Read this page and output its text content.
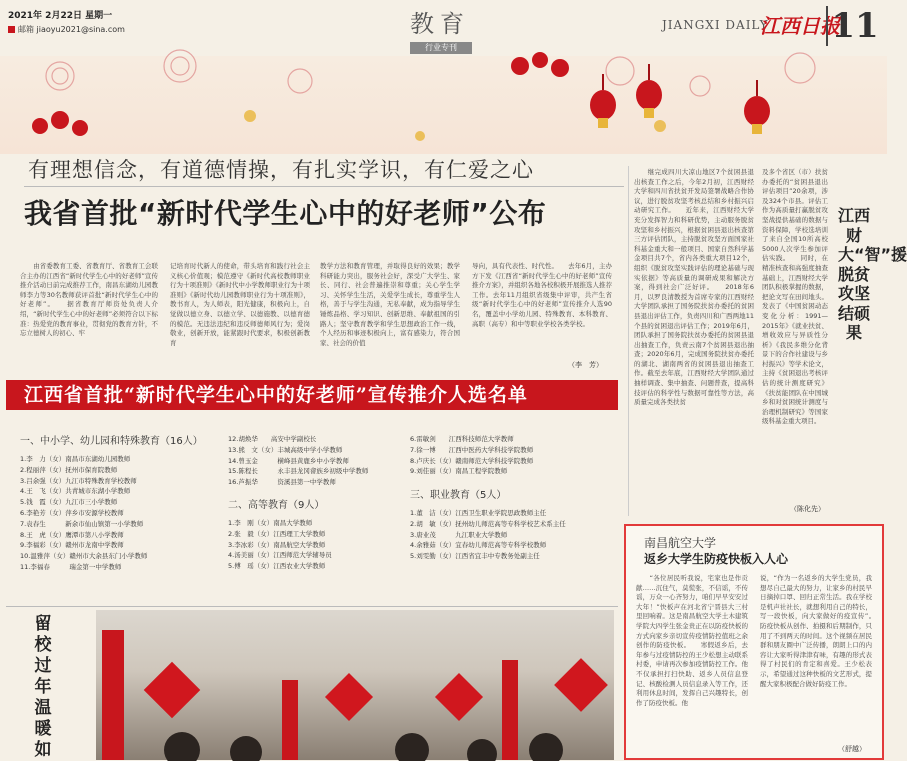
2021年 2月22日 星期一
邮箱 jiaoyu2021@sina.com	教育
行业专刊
JIANGXI DAILY
江西日报
11
有理想信念，有道德情操，有扎实学识，有仁爱之心
我省首批“新时代学生心中的好老师”公布
　　由省委教育工委、省教育厅、省教育工会联合主办的江西省“新时代学生心中的好老师”宣传推介活动日前完成推荐工作，南昌东湖幼儿园教师李力等30名教师获评首批“新时代学生心中的好老师”。　　据省教育厅师资处负责人介绍，“新时代学生心中的好老师”必须符合以下标准：热爱党的教育事业，贯彻党的教育方针，不忘立德树人的初心、牢
记培育时代新人的使命，带头培育和践行社会主义核心价值观；模范遵守《新时代高校教师职业行为十项准则》《新时代中小学教师职业行为十项准则》《新时代幼儿园教师职业行为十项准则》，教书育人，为人师表，阳光健康，积极向上，自觉做以德立身、以德立学、以德施教、以德育德的模范。无违法违纪和违反师德师风行为；爱岗敬业，创新开放，能紧跟时代要求，积极创新教育
教学方法和教育管理，并取得良好的效果；教学科研能力突出，服务社会好，深受广大学生、家长、同行、社会普遍推崇和尊重；关心学生学习、关怀学生生活，关爱学生成长，尊重学生人格，善于与学生沟通，无私奉献，成为指导学生锤炼品格、学习知识、创新思维、奉献祖国的引路人；坚守教育教学和学生思想政治工作一线，个人经历和事迹积极向上，富有感染力，符合国家、社会的价值
导向，具有代表性、时代性。　　去年6月，主办方下发《江西省“新时代学生心中的好老师”宣传推介方案》，并组织各地各校积极开展推选人推荐工作。去年11月组织省级集中评审，共产生省级“新时代学生心中的好老师”宣传推介人选90名，覆盖中小学幼儿园、特殊教育、本科教育、高职（高专）和中等职业学校各类学校。
（李　芳）
江西省首批“新时代学生心中的好老师”宣传推介人选名单
一、中小学、幼儿园和特殊教育（16人）
1.李　力（女）南昌市东湖幼儿园教师
2.程丽萍（女）抚州市保育院教师
3.吕余强（女）九江市特殊教育学校教师
4.王　飞（女）共青城市东湖小学教师
5.钱　霞（女）九江市三小学教师
6.李艳芳（女）萍乡市安源学校教师
7.袁春生　　　新余市仙山镇第一小学教师
8.王　虎（女）鹰潭市第八小学教师
9.李福彩（女）赣州市龙南中学教师
10.温雅萍（女）赣州市大余县东门小学教师
11.李福春　　　瑞金第一中学教师
12.胡焕华　　高安中学副校长
13.熊　文（女）丰城高级中学小学教师
14.曾玉金　　　横峰县黄鹿乡中小学教师
15.陈程长　　　永丰县龙冈畲族乡初级中学教师
16.芦振华　　　资溪县第一中学教师
二、高等教育（9人）
1.李　刚（女）南昌大学教师
2.张　毅（女）江西理工大学教师
3.李冰彩（女）南昌航空大学教师
4.汤美丽（女）江西师范大学辅导员
5.傅　瑶（女）江西农业大学教师
6.雷敏剑　　江西科技师范大学教师
7.徐一博　　江西中医药大学科技学院教师
8.卢庆长（女）赣南师范大学科技学院教师
9.刘佳丽（女）南昌工程学院教师
三、职业教育（5人）
1.董　洁（女）江西卫生职业学院思政教师主任
2.胡　敏（女）抚州幼儿师范高等专科学校艺术系主任
3.唐业茂　　　九江职业大学教师
4.余雅茹（女）宜春幼儿师范高等专科学校教师
5.刘雯勤（女）江西省宜丰中专教务处副主任
　　继完成四川大凉山地区7个贫困县退出核查工作之后，今年2月初，江西财经大学和四川省扶贫开发局签署战略合作协议，进行脱贫攻坚考核总结和乡村振兴启动研究工作。　　近年来，江西财经大学充分发挥智力和科研优势，主动服务脱贫攻坚和乡村振兴，根据贫困县退出核查第三方评估团队，主持脱贫攻坚方面国家社科基金重大和一般项目、国家自然科学基金项目共7个，省内各类重大项目12个，组织《脱贫攻坚实践评估的理论基础与现实依据》等高质量的调研成果和解决方案，得到社会广泛好评。　　2018年6月，以罗良清教授为首席专家的江西财经大学团队承担了国务院扶贫办委托的贫困县退出评估工作，负责四川和广西两地11个县的贫困退出评估工作；2019年6月，团队承担了国务院扶贫办委托的贫困县退出抽查工作，负责云南7个贫困县退出抽查；2020年6月，完成国务院扶贫办委托的湖北、湖南两省的贫困县退出抽查工作。截至去年底，江西财经大学团队通过抽样调查、集中抽查、问题普查，提高科技评估的科学性与数据可靠性等方法，高质量完成各类扶贫
及多个省区（市）扶贫办委托的“贫困县退出评估项目”20余项，涉及324个市县。评估工作为高质量打赢脱贫攻坚战提供基础的数据与资料保障，学校选培训了来自全国10所高校5000人次学生参加评估实践。　　同时，在精准核查和高强度抽查基础上，江西财经大学团队积极掌握的数据，把论文写在田间地头。发表了《中国贫困动态变化分析：1991—2015年》《就业扶贫、增收效应与异质性分析》《我民多维分化背景下的合作社建设与乡村振兴》等学术论文，主持《贫困退出考核评估的统计测度研究》《扶贫能团队在中国城乡和对贫困统计测度与治理机制研究》等国家级科基金重大项目。
（陈化先）
江西财大“智”援脱贫攻坚结硕果
南昌航空大学
返乡大学生防疫快板入人心
　　“各位居民听我说，宅家也是作贡献……沉住气，莫慌张，不信谣，不传谣，万众一心齐努力，咱们早早安安过大年！”快板声在河北省宁晋县大三村里回响着。这是南昌航空大学土木建筑学院大四学生张金贵正在以防疫快板的方式向家乡亲切宣传疫情防控值班之余创作的防疫快板。　　寒假返乡后，去年参与过疫情防控的王少松想主动联系村委，申请再次参加疫情防控工作。他不仅承担打扫快助、返乡人员信息登记、核酸检测人员信息录入等工作，还利用休息时间，发挥自己兴趣特长，创作了防疫快板。他
说，“作为一名返乡的大学生党员，我想尽自己最大的努力，让家乡的村民早日摘掉口罩、回归正常生活。我在学校是机声社社长，就想利用自己的特长，写一段快板，向大家做好的疫宣传”。　　防疫快板从创作、拍摄和后期制作，只用了不到两天的时间。这个视频在居民群和朋友圈中广泛传播，朗朗上口的内容让大家听得津津有味，有趣的形式表得了村民们的肯定和喜爱。王少松表示，希望通过这种快板的文艺形式，提醒大家积极配合做好防疫工作。
（舒越）
留校过年温暖如
